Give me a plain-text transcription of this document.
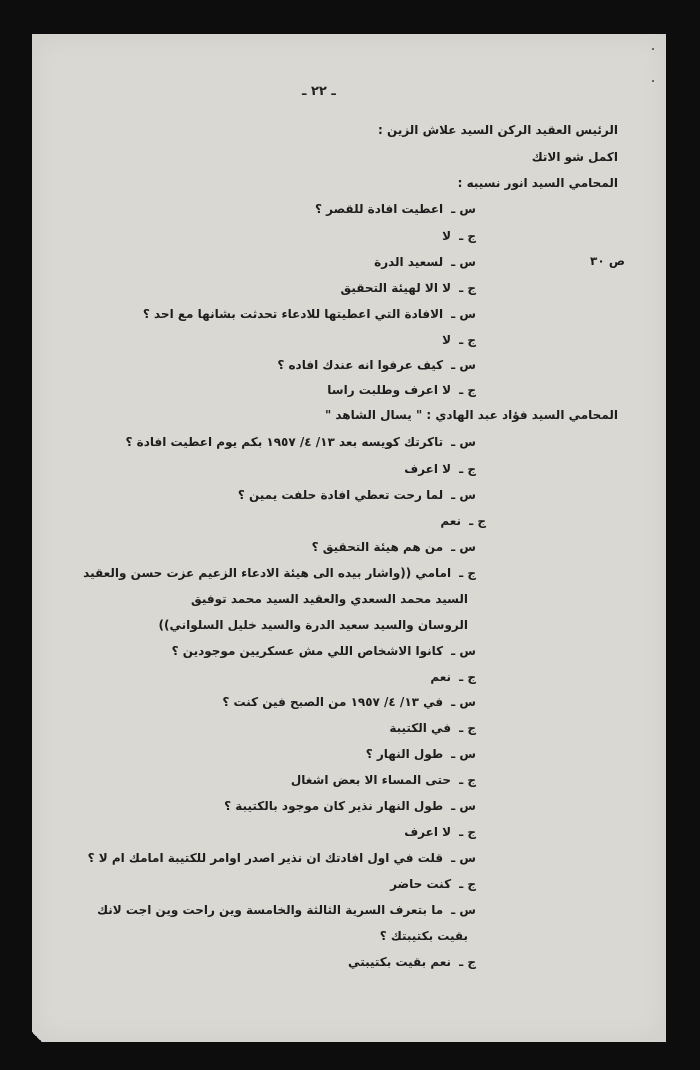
ـ ٢٢ ـ
ص ٣٠
الرئيس العقيد الركن السيد علاش الزين :
اكمل شو الاتك
المحامي السيد انور نسيبه :
س ـاعطيت افادة للقصر ؟
ج ـلا
س ـلسعيد الدرة
ج ـلا الا لهيئة التحقيق
س ـالافادة التي اعطيتها للادعاء تحدثت بشانها مع احد ؟
ج ـلا
س ـكيف عرفوا انه عندك افاده ؟
ج ـلا اعرف وطلبت راسا
المحامي السيد فؤاد عبد الهادي : " يسال الشاهد "
س ـتاكرتك كويسه بعد ١٣/ ٤/ ١٩٥٧ بكم يوم اعطيت افادة ؟
ج ـلا اعرف
س ـلما رحت تعطي افادة حلفت يمين ؟
ج ـنعم
س ـمن هم هيئة التحقيق ؟
ج ـامامي ((واشار بيده الى هيئة الادعاء الزعيم عزت حسن والعقيد
السيد محمد السعدي والعقيد السيد محمد توفيق
الروسان والسيد سعيد الدرة والسيد خليل السلواني))
س ـكانوا الاشخاص اللي مش عسكريين موجودين ؟
ج ـنعم
س ـفي ١٣/ ٤/ ١٩٥٧ من الصبح فين كنت ؟
ج ـفي الكتيبة
س ـطول النهار ؟
ج ـحتى المساء الا بعض اشغال
س ـطول النهار نذير كان موجود بالكتيبة ؟
ج ـلا اعرف
س ـقلت في اول افادتك ان نذير اصدر اوامر للكتيبة امامك ام لا ؟
ج ـكنت حاضر
س ـما بتعرف السرية الثالثة والخامسة وين راحت وين اجت لانك
بقيت بكتيبتك ؟
ج ـنعم بقيت بكتيبتي
